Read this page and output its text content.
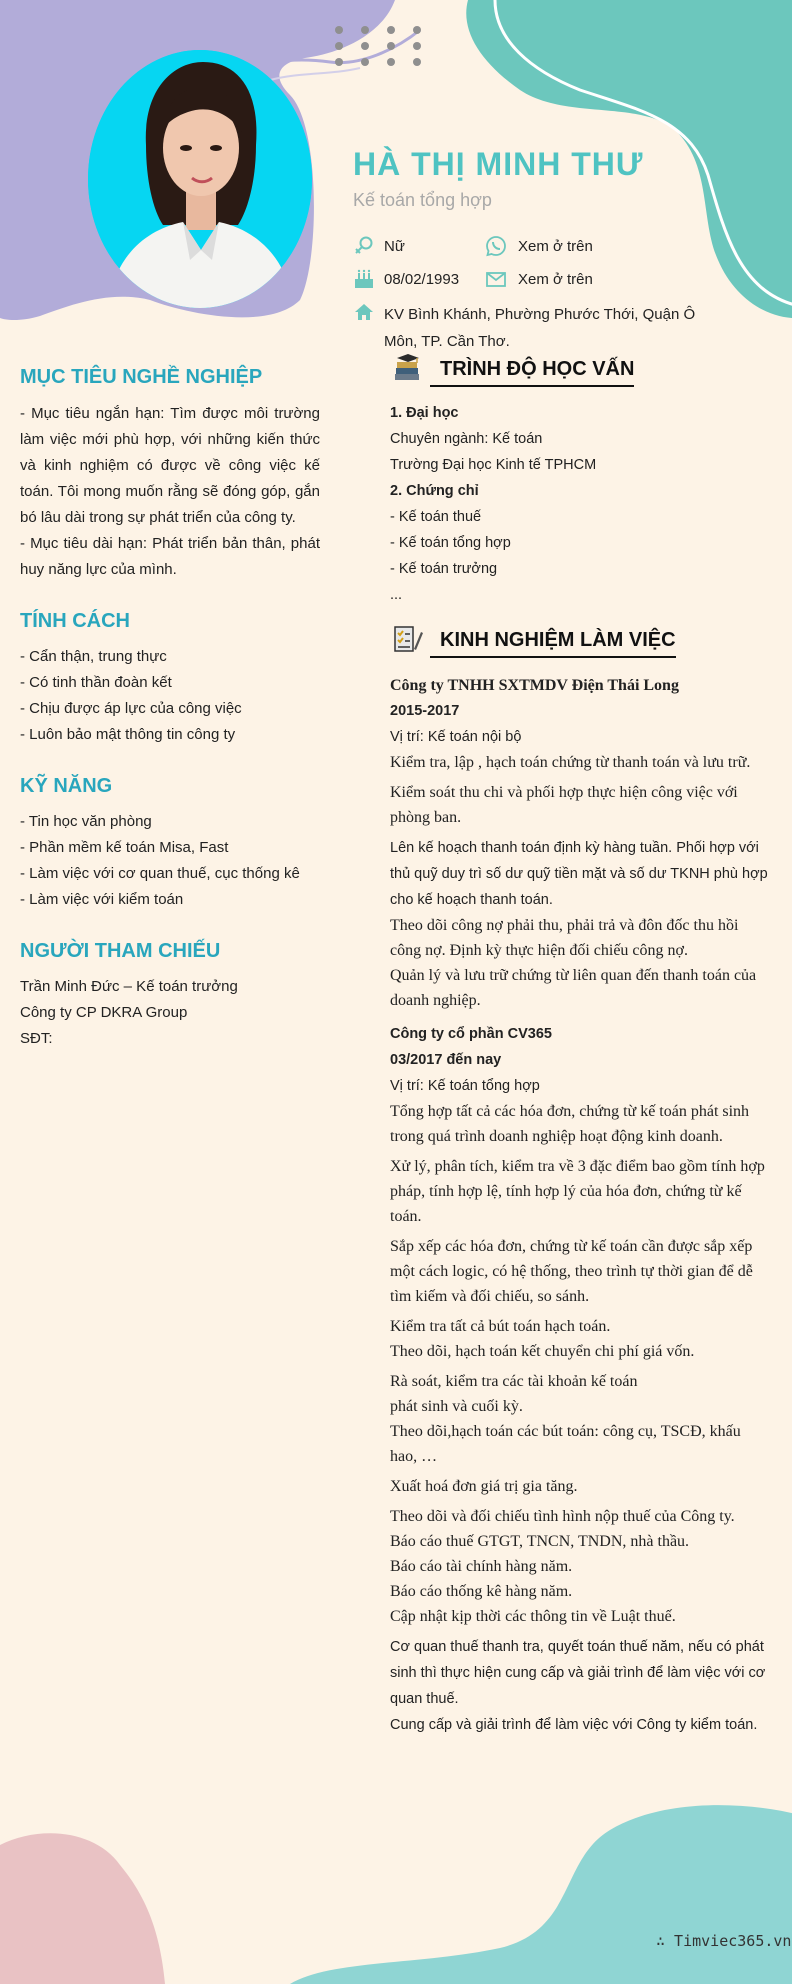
HÀ THỊ MINH THƯ
Kế toán tổng hợp
Nữ	Xem ở trên
08/02/1993	Xem ở trên
KV Bình Khánh, Phường Phước Thới, Quận Ô Môn, TP. Cần Thơ.
MỤC TIÊU NGHỀ NGHIỆP

- Mục tiêu ngắn hạn: Tìm được môi trường làm việc mới phù hợp, với những kiến thức và kinh nghiệm có được về công việc kế toán. Tôi mong muốn rằng sẽ đóng góp, gắn bó lâu dài trong sự phát triển của công ty.

- Mục tiêu dài hạn: Phát triển bản thân, phát huy năng lực của mình.

TÍNH CÁCH

- Cẩn thận, trung thực

- Có tinh thần đoàn kết

- Chịu được áp lực của công việc

- Luôn bảo mật thông tin công ty

KỸ NĂNG

- Tin học văn phòng

- Phần mềm kế toán Misa, Fast

- Làm việc với cơ quan thuế, cục thống kê

- Làm việc với kiểm toán

NGƯỜI THAM CHIẾU

Trần Minh Đức – Kế toán trưởng

Công ty CP DKRA Group

SĐT:

TRÌNH ĐỘ HỌC VẤN

1. Đại học

Chuyên ngành: Kế toán

Trường Đại học Kinh tế TPHCM

2. Chứng chỉ

- Kế toán thuế

- Kế toán tổng hợp

- Kế toán trưởng

...

KINH NGHIỆM LÀM VIỆC
Công ty TNHH SXTMDV Điện Thái Long
2015-2017
Vị trí: Kế toán nội bộ
Kiểm tra, lập , hạch toán chứng từ thanh toán và lưu trữ.
Kiểm soát thu chi và phối hợp thực hiện công việc với phòng ban.
Lên kế hoạch thanh toán định kỳ hàng tuần. Phối hợp với thủ quỹ duy trì số dư quỹ tiền mặt và số dư TKNH phù hợp cho kế hoạch thanh toán.
Theo dõi công nợ phải thu, phải trả và đôn đốc thu hồi công nợ. Định kỳ thực hiện đối chiếu công nợ.
Quản lý và lưu trữ chứng từ liên quan đến thanh toán của doanh nghiệp.
Công ty cổ phần CV365
03/2017 đến nay
Vị trí: Kế toán tổng hợp
Tổng hợp tất cả các hóa đơn, chứng từ kế toán phát sinh trong quá trình doanh nghiệp hoạt động kinh doanh.
Xử lý, phân tích, kiểm tra về 3 đặc điểm bao gồm tính hợp pháp, tính hợp lệ, tính hợp lý của hóa đơn, chứng từ kế toán.
Sắp xếp các hóa đơn, chứng từ kế toán cần được sắp xếp một cách logic, có hệ thống, theo trình tự thời gian để dễ tìm kiếm và đối chiếu, so sánh.
Kiểm tra tất cả bút toán hạch toán.
Theo dõi, hạch toán kết chuyển chi phí giá vốn.
Rà soát, kiểm tra các tài khoản kế toán
phát sinh và cuối kỳ.
Theo dõi,hạch toán các bút toán: công cụ, TSCĐ, khấu hao, …
Xuất hoá đơn giá trị gia tăng.
Theo dõi và đối chiếu tình hình nộp thuế của Công ty.
Báo cáo thuế GTGT, TNCN, TNDN, nhà thầu.
Báo cáo tài chính hàng năm.
Báo cáo thống kê hàng năm.
Cập nhật kịp thời các thông tin về Luật thuế.
Cơ quan thuế thanh tra, quyết toán thuế năm, nếu có phát sinh thì thực hiện cung cấp và giải trình để làm việc với cơ quan thuế.
Cung cấp và giải trình để làm việc với Công ty kiểm toán.
∴ Timviec365.vn
